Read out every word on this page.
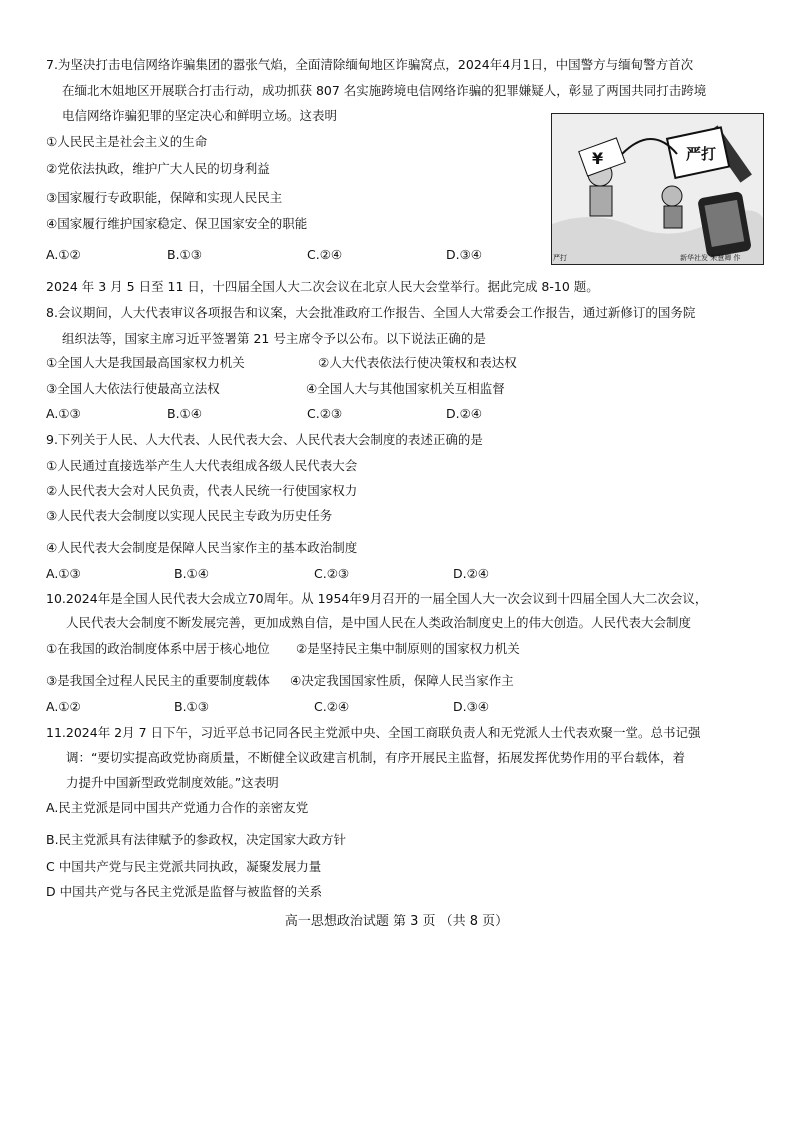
7.为坚决打击电信网络诈骗集团的嚣张气焰，全面清除缅甸地区诈骗窝点，2024年4月1日，中国警方与缅甸警方首次
在缅北木姐地区开展联合打击行动，成功抓获 807 名实施跨境电信网络诈骗的犯罪嫌疑人，彰显了两国共同打击跨境
电信网络诈骗犯罪的坚定决心和鲜明立场。这表明
①人民民主是社会主义的生命
②党依法执政，维护广大人民的切身利益
③国家履行专政职能，保障和实现人民民主
④国家履行维护国家稳定、保卫国家安全的职能
A.①②	B.①③	C.②④	D.③④
严打
¥
严打	新华社发 朱慧卿 作
2024 年 3 月 5 日至 11 日，十四届全国人大二次会议在北京人民大会堂举行。据此完成 8-10 题。
8.会议期间，人大代表审议各项报告和议案，大会批准政府工作报告、全国人大常委会工作报告，通过新修订的国务院
组织法等，国家主席习近平签署第 21 号主席令予以公布。以下说法正确的是
①全国人大是我国最高国家权力机关	②人大代表依法行使决策权和表达权
③全国人大依法行使最高立法权	④全国人大与其他国家机关互相监督
A.①③	B.①④	C.②③	D.②④
9.下列关于人民、人大代表、人民代表大会、人民代表大会制度的表述正确的是
①人民通过直接选举产生人大代表组成各级人民代表大会
②人民代表大会对人民负责，代表人民统一行使国家权力
③人民代表大会制度以实现人民民主专政为历史任务
④人民代表大会制度是保障人民当家作主的基本政治制度
A.①③	B.①④	C.②③	D.②④
10.2024年是全国人民代表大会成立70周年。从 1954年9月召开的一届全国人大一次会议到十四届全国人大二次会议，
人民代表大会制度不断发展完善，更加成熟自信，是中国人民在人类政治制度史上的伟大创造。人民代表大会制度
①在我国的政治制度体系中居于核心地位 ②是坚持民主集中制原则的国家权力机关
③是我国全过程人民民主的重要制度载体 ④决定我国国家性质，保障人民当家作主
A.①②	B.①③	C.②④	D.③④
11.2024年 2月 7 日下午，习近平总书记同各民主党派中央、全国工商联负责人和无党派人士代表欢聚一堂。总书记强
调：“要切实提高政党协商质量，不断健全议政建言机制，有序开展民主监督，拓展发挥优势作用的平台载体，着
力提升中国新型政党制度效能。”这表明
A.民主党派是同中国共产党通力合作的亲密友党
B.民主党派具有法律赋予的参政权，决定国家大政方针
C 中国共产党与民主党派共同执政，凝聚发展力量
D 中国共产党与各民主党派是监督与被监督的关系
高一思想政治试题 第 3 页 （共 8 页）
